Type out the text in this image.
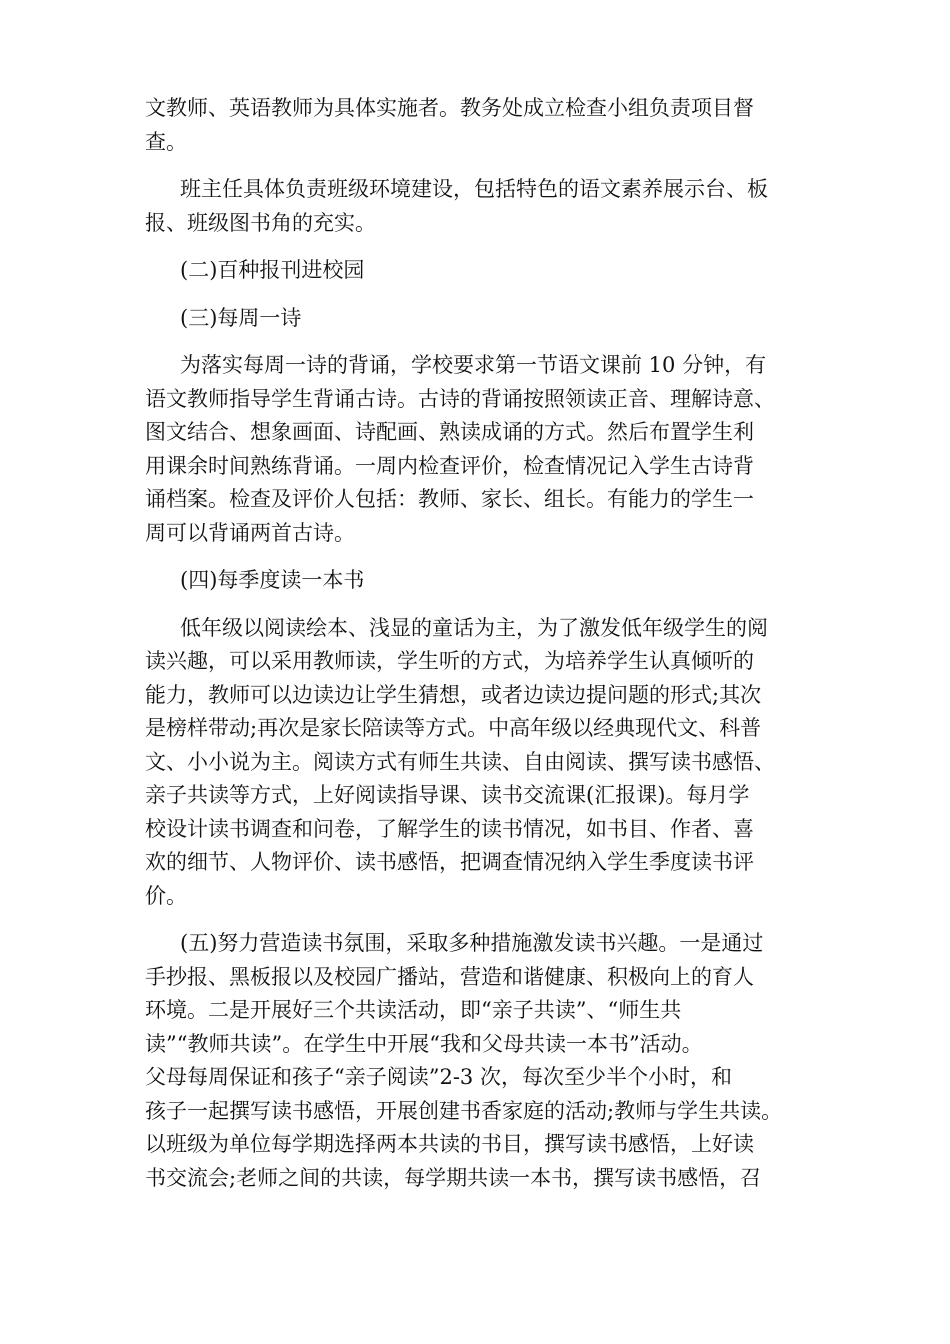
文教师、英语教师为具体实施者。教务处成立检查小组负责项目督
查。

班主任具体负责班级环境建设，包括特色的语文素养展示台、板
报、班级图书角的充实。

(二)百种报刊进校园

(三)每周一诗

为落实每周一诗的背诵，学校要求第一节语文课前 10 分钟，有
语文教师指导学生背诵古诗。古诗的背诵按照领读正音、理解诗意、
图文结合、想象画面、诗配画、熟读成诵的方式。然后布置学生利
用课余时间熟练背诵。一周内检查评价，检查情况记入学生古诗背
诵档案。检查及评价人包括：教师、家长、组长。有能力的学生一
周可以背诵两首古诗。

(四)每季度读一本书

低年级以阅读绘本、浅显的童话为主，为了激发低年级学生的阅
读兴趣，可以采用教师读，学生听的方式，为培养学生认真倾听的
能力，教师可以边读边让学生猜想，或者边读边提问题的形式;其次
是榜样带动;再次是家长陪读等方式。中高年级以经典现代文、科普
文、小小说为主。阅读方式有师生共读、自由阅读、撰写读书感悟、
亲子共读等方式，上好阅读指导课、读书交流课(汇报课)。每月学
校设计读书调查和问卷，了解学生的读书情况，如书目、作者、喜
欢的细节、人物评价、读书感悟，把调查情况纳入学生季度读书评
价。

(五)努力营造读书氛围，采取多种措施激发读书兴趣。一是通过
手抄报、黑板报以及校园广播站，营造和谐健康、积极向上的育人
环境。二是开展好三个共读活动，即“亲子共读”、“师生共
读”“教师共读”。在学生中开展“我和父母共读一本书”活动。
父母每周保证和孩子“亲子阅读”2-3 次，每次至少半个小时，和
孩子一起撰写读书感悟，开展创建书香家庭的活动;教师与学生共读。
以班级为单位每学期选择两本共读的书目，撰写读书感悟，上好读
书交流会;老师之间的共读，每学期共读一本书，撰写读书感悟，召
